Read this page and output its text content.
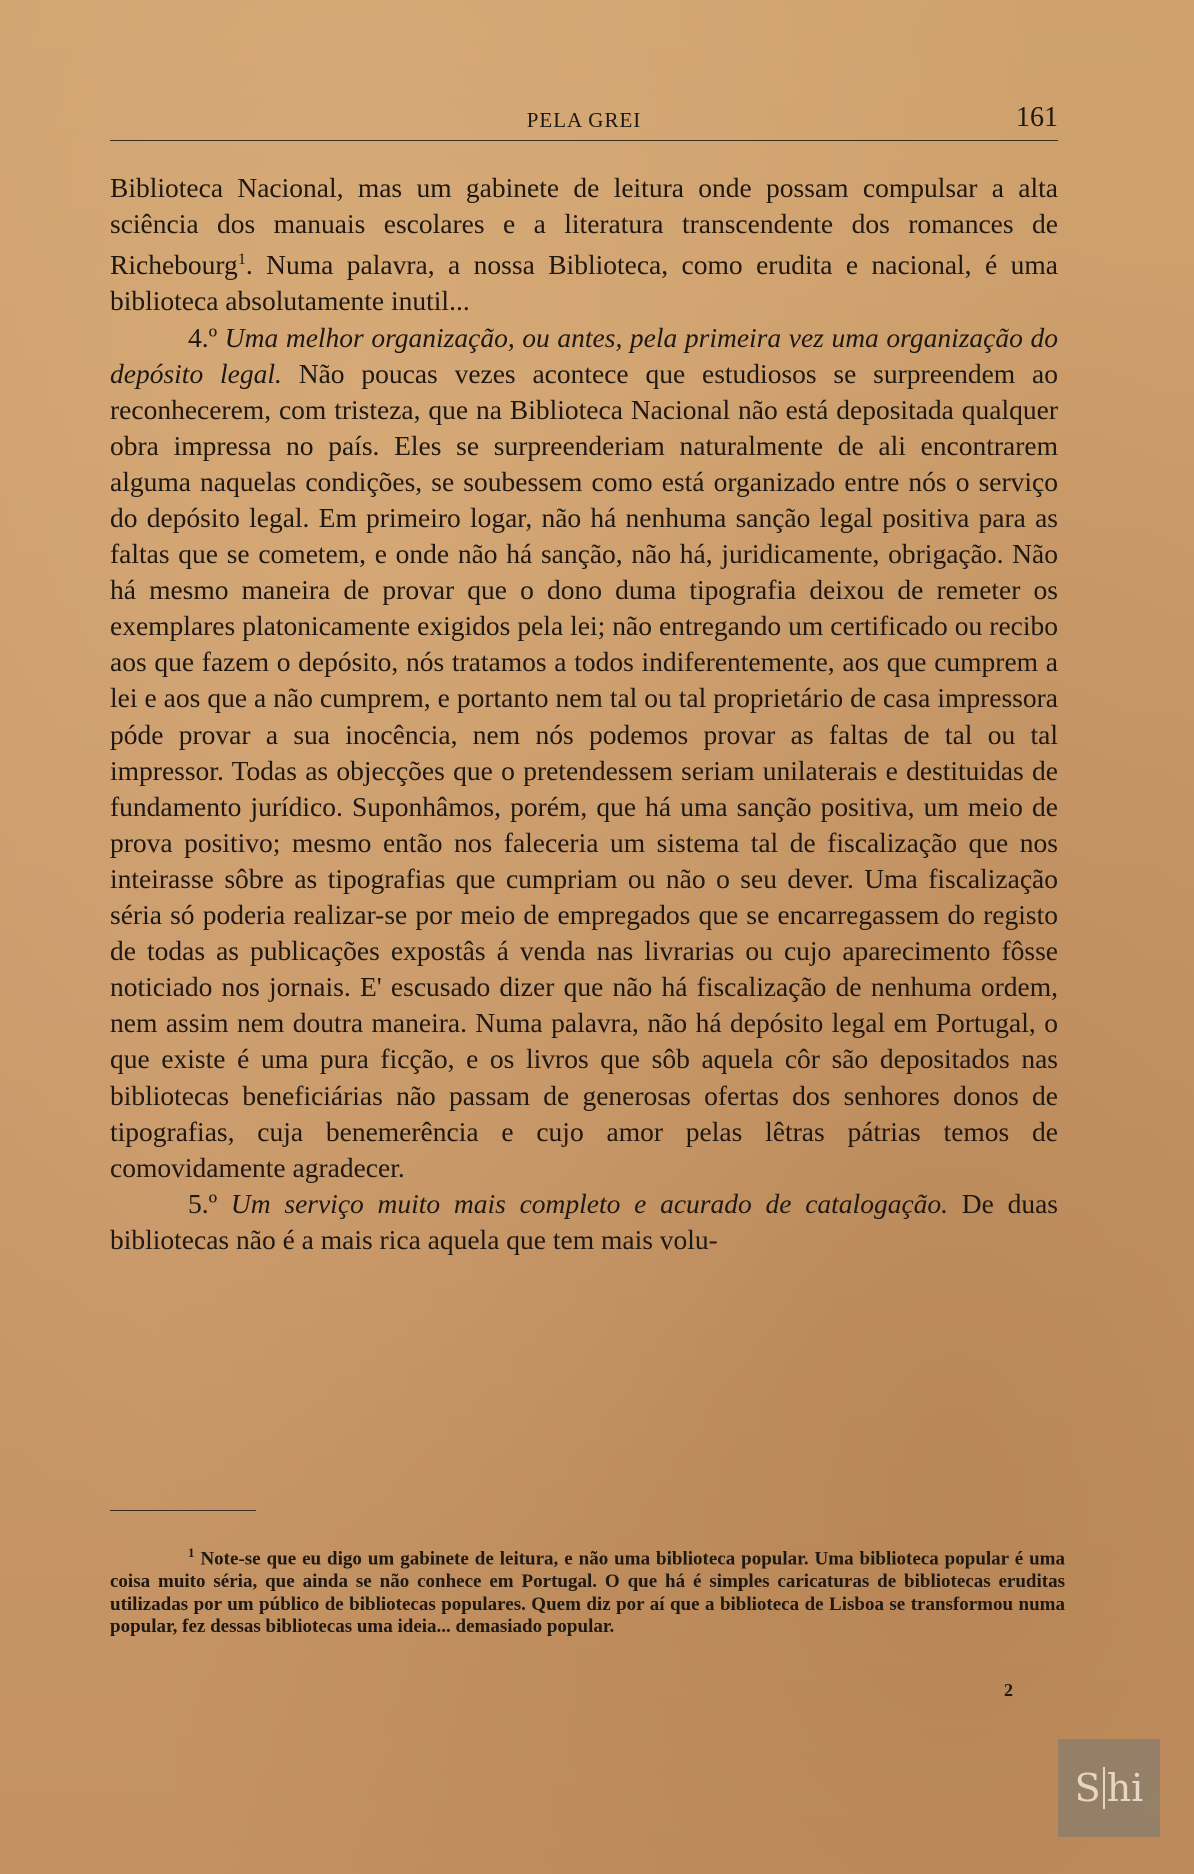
PELA GREI	161

Biblioteca Nacional, mas um gabinete de leitura onde possam compulsar a alta sciência dos manuais escolares e a literatura transcendente dos romances de Richebourg$^1$. Numa palavra, a nossa Biblioteca, como erudita e nacional, é uma biblioteca absolutamente inutil...

4.º Uma melhor organização, ou antes, pela primeira vez uma organização do depósito legal. Não poucas vezes acontece que estudiosos se surpreendem ao reconhecerem, com tristeza, que na Biblioteca Nacional não está depositada qualquer obra impressa no país. Eles se surpreenderiam naturalmente de ali encontrarem alguma naquelas condições, se soubessem como está organizado entre nós o serviço do depósito legal. Em primeiro logar, não há nenhuma sanção legal positiva para as faltas que se cometem, e onde não há sanção, não há, juridicamente, obrigação. Não há mesmo maneira de provar que o dono duma tipografia deixou de remeter os exemplares platonicamente exigidos pela lei; não entregando um certificado ou recibo aos que fazem o depósito, nós tratamos a todos indiferentemente, aos que cumprem a lei e aos que a não cumprem, e portanto nem tal ou tal proprietário de casa impressora póde provar a sua inocência, nem nós podemos provar as faltas de tal ou tal impressor. Todas as objecções que o pretendessem seriam unilaterais e destituidas de fundamento jurídico. Suponhâmos, porém, que há uma sanção positiva, um meio de prova positivo; mesmo então nos faleceria um sistema tal de fiscalização que nos inteirasse sôbre as tipografias que cumpriam ou não o seu dever. Uma fiscalização séria só poderia realizar-se por meio de empregados que se encarregassem do registo de todas as publicações expostâs á venda nas livrarias ou cujo aparecimento fôsse noticiado nos jornais. E' escusado dizer que não há fiscalização de nenhuma ordem, nem assim nem doutra maneira. Numa palavra, não há depósito legal em Portugal, o que existe é uma pura ficção, e os livros que sôb aquela côr são depositados nas bibliotecas beneficiárias não passam de generosas ofertas dos senhores donos de tipografias, cuja benemerência e cujo amor pelas lêtras pátrias temos de comovidamente agradecer.

5.º Um serviço muito mais completo e acurado de catalogação. De duas bibliotecas não é a mais rica aquela que tem mais volu-

$^1$ Note-se que eu digo um gabinete de leitura, e não uma biblioteca popular. Uma biblioteca popular é uma coisa muito séria, que ainda se não conhece em Portugal. O que há é simples caricaturas de bibliotecas eruditas utilizadas por um público de bibliotecas populares. Quem diz por aí que a biblioteca de Lisboa se transformou numa popular, fez dessas bibliotecas uma ideia... demasiado popular.

2
S hi
